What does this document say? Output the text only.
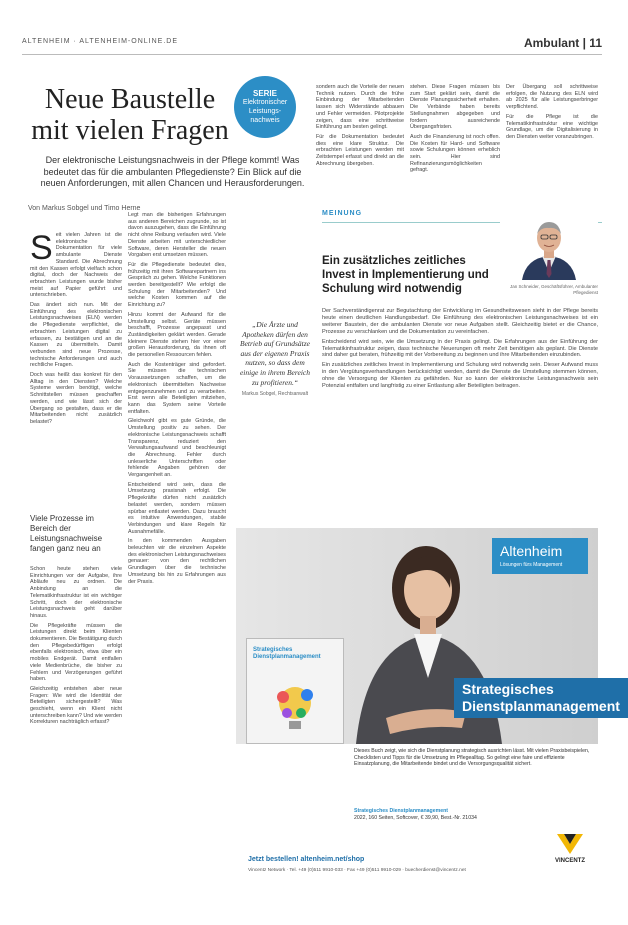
ALTENHEIM · ALTENHEIM-ONLINE.DE	Ambulant | 11
Neue Baustelle mit vielen Fragen
SERIE
Elektronischer
Leistungs-
nachweis
Der elektronische Leistungsnachweis in der Pflege kommt! Was bedeutet das für die ambulanten Pflegedienste? Ein Blick auf die neuen Anforderungen, mit allen Chancen und Herausforderungen.
Von Markus Sobgel und Timo Herne
S eit vielen Jahren ist die elektronische Dokumentation für viele ambulante Dienste Standard. Die Abrechnung mit den Kassen erfolgt vielfach schon digital, doch der Nachweis der erbrachten Leistungen wurde bisher meist auf Papier geführt und unterschrieben.

Das ändert sich nun. Mit der Einführung des elektronischen Leistungsnachweises (ELN) werden die Pflegedienste verpflichtet, die erbrachten Leistungen digital zu erfassen, zu bestätigen und an die Kassen zu übermitteln. Damit verbunden sind neue Prozesse, technische Anforderungen und auch rechtliche Fragen.

Doch was heißt das konkret für den Alltag in den Diensten? Welche Systeme werden benötigt, welche Schnittstellen müssen geschaffen werden, und wie lässt sich der Übergang so gestalten, dass er die Mitarbeitenden nicht zusätzlich belastet?

Viele Prozesse im Bereich der Leistungsnachweise fangen ganz neu an

Schon heute stehen viele Einrichtungen vor der Aufgabe, ihre Abläufe neu zu ordnen. Die Anbindung an die Telematikinfrastruktur ist ein wichtiger Schritt, doch der elektronische Leistungsnachweis geht darüber hinaus.

Die Pflegekräfte müssen die Leistungen direkt beim Klienten dokumentieren. Die Bestätigung durch den Pflegebedürftigen erfolgt ebenfalls elektronisch, etwa über ein mobiles Endgerät. Damit entfallen viele Medienbrüche, die bisher zu Fehlern und Verzögerungen geführt haben.

Gleichzeitig entstehen aber neue Fragen: Wie wird die Identität der Beteiligten sichergestellt? Was geschieht, wenn ein Klient nicht unterschreiben kann? Und wie werden Korrekturen nachträglich erfasst?

Legt man die bisherigen Erfahrungen aus anderen Bereichen zugrunde, so ist davon auszugehen, dass die Einführung nicht ohne Reibung verlaufen wird. Viele Dienste arbeiten mit unterschiedlicher Software, deren Hersteller die neuen Vorgaben erst umsetzen müssen.

Für die Pflegedienste bedeutet dies, frühzeitig mit ihren Softwarepartnern ins Gespräch zu gehen. Welche Funktionen werden bereitgestellt? Wie erfolgt die Schulung der Mitarbeitenden? Und welche Kosten kommen auf die Einrichtung zu?

Hinzu kommt der Aufwand für die Umstellung selbst. Geräte müssen beschafft, Prozesse angepasst und Zuständigkeiten geklärt werden. Gerade kleinere Dienste stehen hier vor einer großen Herausforderung, da ihnen oft die personellen Ressourcen fehlen.

Auch die Kostenträger sind gefordert. Sie müssen die technischen Voraussetzungen schaffen, um die elektronisch übermittelten Nachweise entgegenzunehmen und zu verarbeiten. Erst wenn alle Beteiligten mitziehen, kann das System seine Vorteile entfalten.

Gleichwohl gibt es gute Gründe, die Umstellung positiv zu sehen. Der elektronische Leistungsnachweis schafft Transparenz, reduziert den Verwaltungsaufwand und beschleunigt die Abrechnung. Fehler durch unleserliche Unterschriften oder fehlende Angaben gehören der Vergangenheit an.

Entscheidend wird sein, dass die Umsetzung praxisnah erfolgt. Die Pflegekräfte dürfen nicht zusätzlich belastet werden, sondern müssen spürbar entlastet werden. Dazu braucht es intuitive Anwendungen, stabile Verbindungen und klare Regeln für Ausnahmefälle.

In den kommenden Ausgaben beleuchten wir die einzelnen Aspekte des elektronischen Leistungsnachweises genauer: von den rechtlichen Grundlagen über die technische Umsetzung bis hin zu Erfahrungen aus der Praxis.

„Die Ärzte und Apotheken dürfen den Betrieb auf Grundsätze aus der eigenen Praxis nutzen, so dass dem einige in ihrem Bereich zu profitieren.“
Markus Sobgel, Rechtsanwalt

sondern auch die Vorteile der neuen Technik nutzen. Durch die frühe Einbindung der Mitarbeitenden lassen sich Widerstände abbauen und Fehler vermeiden. Pilotprojekte zeigen, dass eine schrittweise Einführung am besten gelingt.

Für die Dokumentation bedeutet dies eine klare Struktur. Die erbrachten Leistungen werden mit Zeitstempel erfasst und direkt an die Abrechnung übergeben.

stehen. Diese Fragen müssen bis zum Start geklärt sein, damit die Dienste Planungssicherheit erhalten. Die Verbände haben bereits Stellungnahmen abgegeben und fordern ausreichende Übergangsfristen.

Auch die Finanzierung ist noch offen. Die Kosten für Hard- und Software sowie Schulungen können erheblich sein. Hier sind Refinanzierungsmöglichkeiten gefragt.

Der Übergang soll schrittweise erfolgen, die Nutzung des ELN wird ab 2025 für alle Leistungserbringer verpflichtend.

Für die Pflege ist die Telematikinfrastruktur eine wichtige Grundlage, um die Digitalisierung in den Diensten weiter voranzubringen.

MEINUNG
Ein zusätzliches zeitliches Invest in Implementierung und Schulung wird notwendig	Jan Schneider, Geschäftsführer, Ambulanter Pflegedienst

Der Sachverständigenrat zur Begutachtung der Entwicklung im Gesundheitswesen sieht in der Pflege bereits heute einen deutlichen Handlungsbedarf. Die Einführung des elektronischen Leistungsnachweises ist ein weiterer Baustein, der die ambulanten Dienste vor neue Aufgaben stellt. Gleichzeitig bietet er die Chance, Prozesse zu verschlanken und die Dokumentation zu vereinfachen.

Entscheidend wird sein, wie die Umsetzung in der Praxis gelingt. Die Erfahrungen aus der Einführung der Telematikinfrastruktur zeigen, dass technische Neuerungen oft mehr Zeit benötigen als geplant. Die Dienste sind daher gut beraten, frühzeitig mit der Vorbereitung zu beginnen und ihre Mitarbeitenden einzubinden.

Ein zusätzliches zeitliches Invest in Implementierung und Schulung wird notwendig sein. Dieser Aufwand muss in den Vergütungsverhandlungen berücksichtigt werden, damit die Dienste die Umstellung stemmen können, ohne die Versorgung der Klienten zu gefährden. Nur so kann der elektronische Leistungsnachweis sein Potenzial entfalten und langfristig zu einer Entlastung aller Beteiligten beitragen.

Altenheim
Lösungen fürs Management
Strategisches
Dienstplanmanagement
Strategisches Dienstplanmanagement
Dieses Buch zeigt, wie sich die Dienstplanung strategisch ausrichten lässt. Mit vielen Praxisbeispielen, Checklisten und Tipps für die Umsetzung im Pflegealltag. So gelingt eine faire und effiziente Einsatzplanung, die Mitarbeitende bindet und die Versorgungsqualität sichert.
Strategisches Dienstplanmanagement
2022, 160 Seiten, Softcover, € 39,90, Best.-Nr. 21034
Jetzt bestellen! altenheim.net/shop
Vincentz Network · Tel. +49 (0)511 9910-033 · Fax +49 (0)511 9910-029 · buecherdienst@vincentz.net
VINCENTZ
